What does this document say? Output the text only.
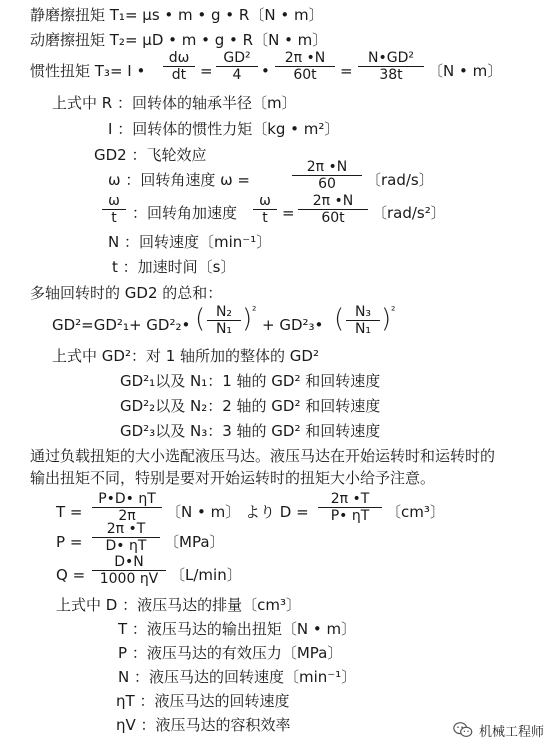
静磨擦扭矩 T₁= μs • m • g • R〔N • m〕
动磨擦扭矩 T₂= μD • m • g • R〔N • m〕
惯性扭矩 T₃= I • $\frac{d\omega}{dt} = \frac{\text{GD²}}{4}$ • $\frac{2\pi •N}{60t} = \frac{\text{N•GD²}}{38t}$ 〔N • m〕
上式中 R ：回转体的轴承半径〔m〕
I ：回转体的惯性力矩〔kg • m²〕
GD2 ：飞轮效应
ω ：回转角速度 ω =	$\frac{2\pi •N}{60}$ 〔rad/s〕
$\frac{\omega}{t}$ ：回转角加速度 $\frac{\omega}{t} = \frac{2\pi •N}{60t}$ 〔rad/s²〕
N ：回转速度〔min⁻¹〕
t ：加速时间〔s〕
多轴回转时的 GD2 的总和：
GD²=GD²₁+ GD²₂• ( $\frac{\text{N₂}}{\text{N₁}}$ ) ²
+ GD²₃• ( $\frac{\text{N₃}}{\text{N₁}}$ ) ²
上式中 GD²：对 1 轴所加的整体的 GD²
GD²₁以及 N₁：1 轴的 GD² 和回转速度
GD²₂以及 N₂：2 轴的 GD² 和回转速度
GD²₃以及 N₃：3 轴的 GD² 和回转速度
通过负载扭矩的大小选配液压马达。液压马达在开始运转时和运转时的
输出扭矩不同，特别是要对开始运转时的扭矩大小给予注意。
$T = \frac{P•D• \eta T}{2\pi}$ 〔N • m〕 より $D = \frac{2\pi •T}{P• \eta T}$ 〔cm³〕
$P = \frac{2\pi •T}{D• \eta T}$ 〔MPa〕
$Q = \frac{D•N}{1000 \eta V}$ 〔L/min〕
上式中 D ：液压马达的排量〔cm³〕
T ：液压马达的输出扭矩〔N • m〕
P ：液压马达的有效压力〔MPa〕
N ：液压马达的回转速度〔min⁻¹〕
ηT ：液压马达的回转速度
ηV ：液压马达的容积效率	机械工程师
